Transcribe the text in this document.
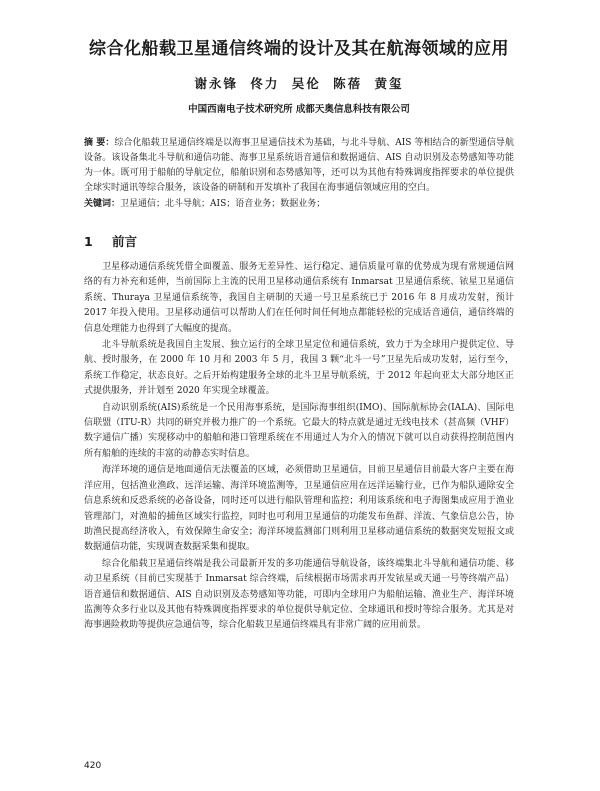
综合化船载卫星通信终端的设计及其在航海领域的应用
谢永锋 佟力 吴伦 陈蓓 黄玺
中国西南电子技术研究所 成都天奥信息科技有限公司

摘 要：综合化船载卫星通信终端是以海事卫星通信技术为基础，与北斗导航、AIS 等相结合的新型通信导航设备。该设备集北斗导航和通信功能、海事卫星系统语音通信和数据通信、AIS 自动识别及态势感知等功能为一体。既可用于船舶的导航定位，船舶识别和态势感知等，还可以为其他有特殊调度指挥要求的单位提供全球实时通讯等综合服务，该设备的研制和开发填补了我国在海事通信领域应用的空白。

关键词：卫星通信；北斗导航；AIS；语音业务；数据业务；
1 前言

卫星移动通信系统凭借全面覆盖、服务无差异性、运行稳定、通信质量可靠的优势成为现有常规通信网络的有力补充和延伸，当前国际上主流的民用卫星移动通信系统有 Inmarsat 卫星通信系统、铱星卫星通信系统、Thuraya 卫星通信系统等，我国自主研制的天通一号卫星系统已于 2016 年 8 月成功发射，预计 2017 年投入使用。卫星移动通信可以帮助人们在任何时间任何地点都能轻松的完成话音通信，通信终端的信息处理能力也得到了大幅度的提高。

北斗导航系统是我国自主发展、独立运行的全球卫星定位和通信系统，致力于为全球用户提供定位、导航、授时服务，在 2000 年 10 月和 2003 年 5 月，我国 3 颗“北斗一号”卫星先后成功发射，运行至今，系统工作稳定，状态良好。之后开始构建服务全球的北斗卫星导航系统，于 2012 年起向亚太大部分地区正式提供服务，并计划至 2020 年实现全球覆盖。

自动识别系统(AIS)系统是一个民用海事系统，是国际海事组织(IMO)、国际航标协会(IALA)、国际电信联盟（ITU-R）共同的研究并极力推广的一个系统。它最大的特点就是通过无线电技术（甚高频（VHF）数字通信广播）实现移动中的船舶和港口管理系统在不用通过人为介入的情况下就可以自动获得控制范围内所有船舶的连续的丰富的动静态实时信息。

海洋环境的通信是地面通信无法覆盖的区域，必须借助卫星通信，目前卫星通信目前最大客户主要在海洋应用，包括渔业渔政、远洋运输、海洋环境监测等，卫星通信应用在远洋运输行业，已作为船队通除安全信息系统和反恐系统的必备设备，同时还可以进行船队管理和监控；利用该系统和电子海图集成应用于渔业管理部门，对渔船的捕鱼区域实行监控，同时也可利用卫星通信的功能发布鱼群、洋流、气象信息公告，协助渔民提高经济收入，有效保障生命安全；海洋环境监测部门则利用卫星移动通信系统的数据突发短报文或数据通信功能，实现调查数据采集和提取。

综合化船载卫星通信终端是我公司最新开发的多功能通信导航设备，该终端集北斗导航和通信功能、移动卫星系统（目前已实现基于 Inmarsat 综合终端，后续根据市场需求再开发铱星或天通一号等终端产品）语音通信和数据通信、AIS 自动识别及态势感知等功能，可即内全球用户为船舶运输、渔业生产、海洋环境监测等众多行业以及其他有特殊调度指挥要求的单位提供导航定位、全球通讯和授时等综合服务。尤其是对海事遇险救助等提供应急通信等，综合化船载卫星通信终端具有非常广阔的应用前景。

420
